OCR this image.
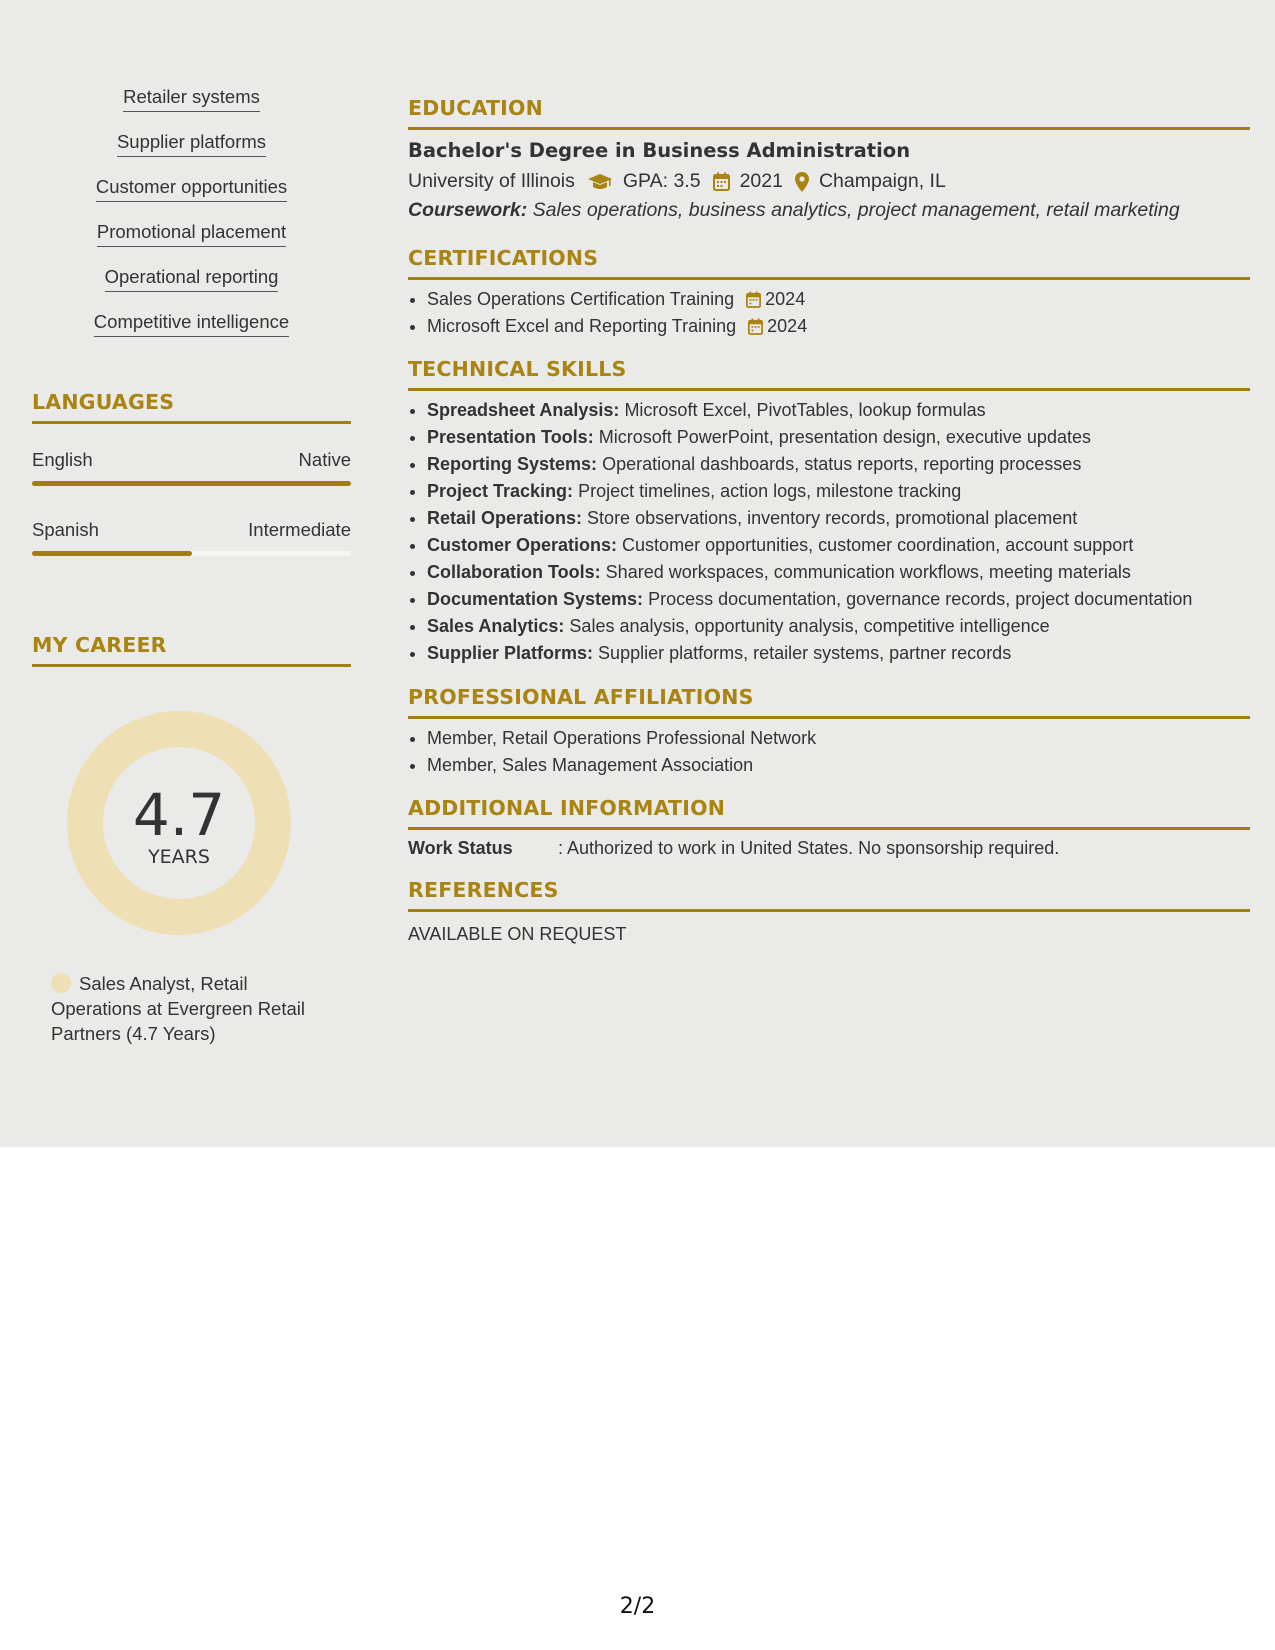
Retailer systems
Supplier platforms
Customer opportunities
Promotional placement
Operational reporting
Competitive intelligence
LANGUAGES
English	Native
Spanish	Intermediate
MY CAREER
4.7
YEARS
Sales Analyst, Retail Operations at Evergreen Retail Partners (4.7 Years)
EDUCATION
Bachelor's Degree in Business Administration
University of Illinois GPA: 3.5 2021 Champaign, IL
Coursework: Sales operations, business analytics, project management, retail marketing
CERTIFICATIONS
• Sales Operations Certification Training 2024
• Microsoft Excel and Reporting Training 2024
TECHNICAL SKILLS
• Spreadsheet Analysis: Microsoft Excel, PivotTables, lookup formulas
• Presentation Tools: Microsoft PowerPoint, presentation design, executive updates
• Reporting Systems: Operational dashboards, status reports, reporting processes
• Project Tracking: Project timelines, action logs, milestone tracking
• Retail Operations: Store observations, inventory records, promotional placement
• Customer Operations: Customer opportunities, customer coordination, account support
• Collaboration Tools: Shared workspaces, communication workflows, meeting materials
• Documentation Systems: Process documentation, governance records, project documentation
• Sales Analytics: Sales analysis, opportunity analysis, competitive intelligence
• Supplier Platforms: Supplier platforms, retailer systems, partner records
PROFESSIONAL AFFILIATIONS
• Member, Retail Operations Professional Network
• Member, Sales Management Association
ADDITIONAL INFORMATION
Work Status	: Authorized to work in United States. No sponsorship required.
REFERENCES
AVAILABLE ON REQUEST
2/2
